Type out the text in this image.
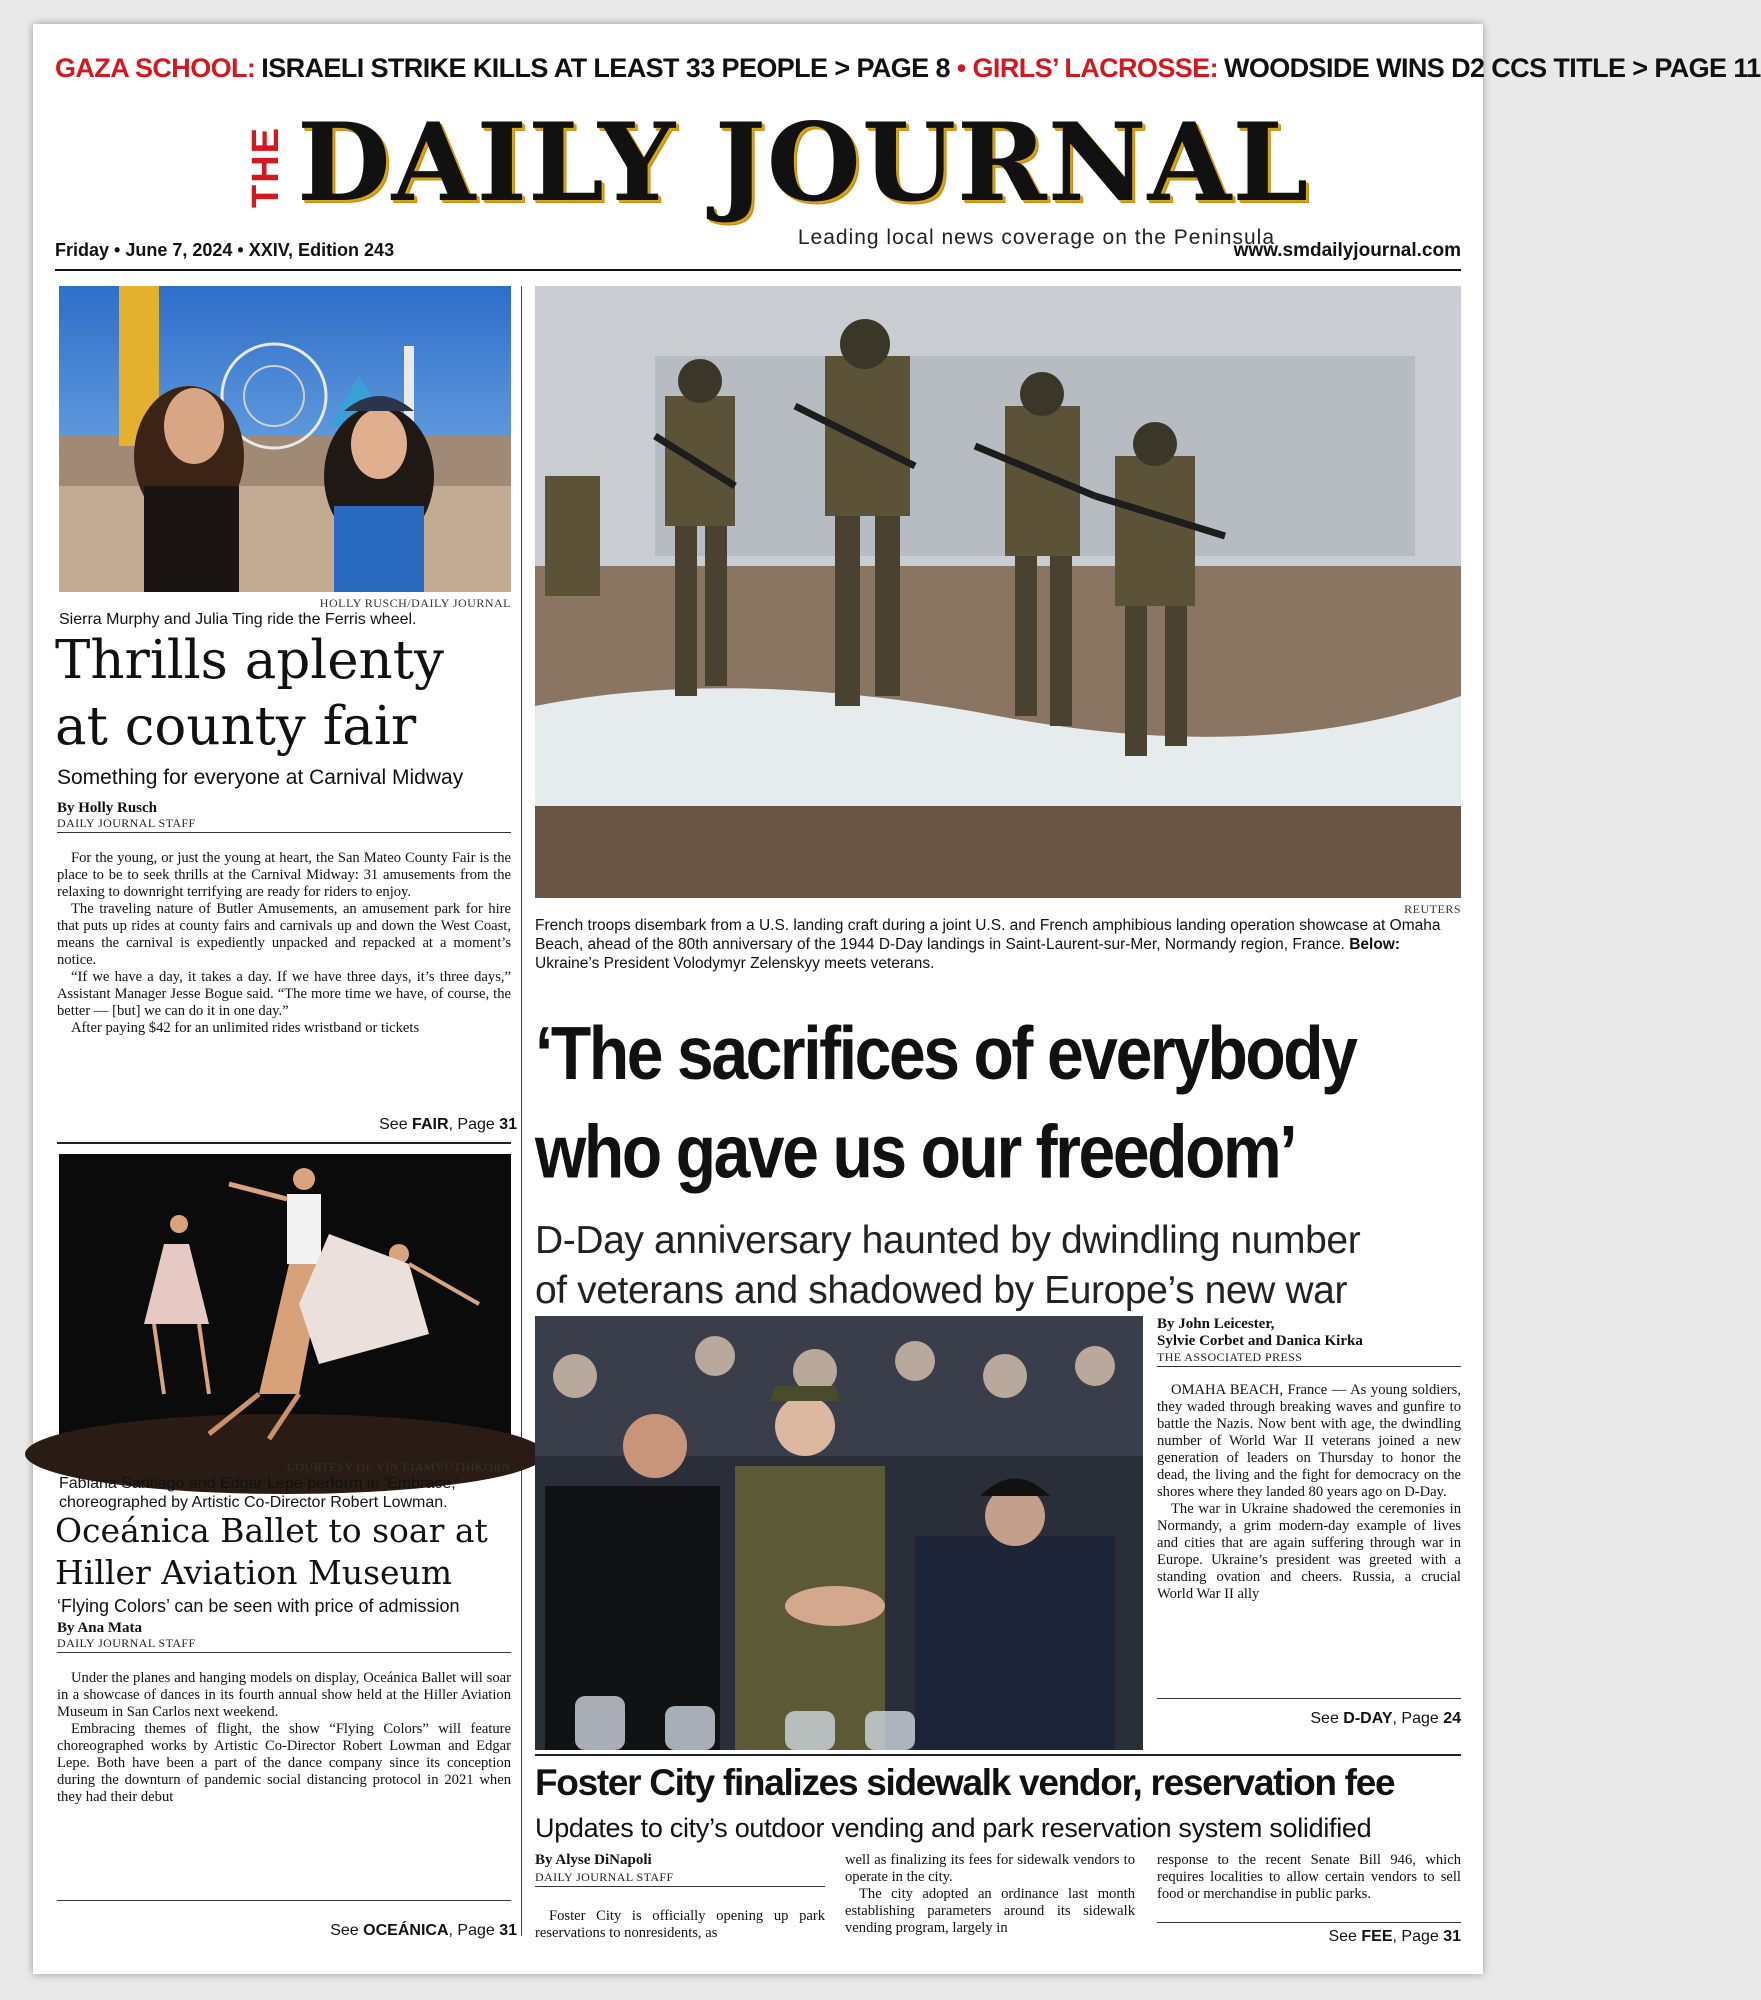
GAZA SCHOOL: ISRAELI STRIKE KILLS AT LEAST 33 PEOPLE > PAGE 8 • GIRLS’ LACROSSE: WOODSIDE WINS D2 CCS TITLE > PAGE 11
THE DAILY JOURNAL
Leading local news coverage on the Peninsula
Friday • June 7, 2024 • XXIV, Edition 243	www.smdailyjournal.com
HOLLY RUSCH/DAILY JOURNAL
Sierra Murphy and Julia Ting ride the Ferris wheel.
Thrills aplenty
at county fair
Something for everyone at Carnival Midway
By Holly Rusch
DAILY JOURNAL STAFF

For the young, or just the young at heart, the San Mateo County Fair is the place to be to seek thrills at the Carnival Midway: 31 amusements from the relaxing to downright terrifying are ready for riders to enjoy.

The traveling nature of Butler Amusements, an amusement park for hire that puts up rides at county fairs and carnivals up and down the West Coast, means the carnival is expediently unpacked and repacked at a moment’s notice.

“If we have a day, it takes a day. If we have three days, it’s three days,” Assistant Manager Jesse Bogue said. “The more time we have, of course, the better — [but] we can do it in one day.”

After paying $42 for an unlimited rides wristband or tickets

See FAIR, Page 31
COURTESY OF VIN EIAMVUTHIKORN
Fabiana Santiago and Edgar Lepe perform in ‘Embrace,’ choreographed by Artistic Co-Director Robert Lowman.
Oceánica Ballet to soar at
Hiller Aviation Museum
‘Flying Colors’ can be seen with price of admission
By Ana Mata
DAILY JOURNAL STAFF

Under the planes and hanging models on display, Oceánica Ballet will soar in a showcase of dances in its fourth annual show held at the Hiller Aviation Museum in San Carlos next weekend.

Embracing themes of flight, the show “Flying Colors” will feature choreographed works by Artistic Co-Director Robert Lowman and Edgar Lepe. Both have been a part of the dance company since its conception during the downturn of pandemic social distancing protocol in 2021 when they had their debut

See OCEÁNICA, Page 31
REUTERS
French troops disembark from a U.S. landing craft during a joint U.S. and French amphibious landing operation showcase at Omaha Beach, ahead of the 80th anniversary of the 1944 D-Day landings in Saint-Laurent-sur-Mer, Normandy region, France. Below: Ukraine’s President Volodymyr Zelenskyy meets veterans.
‘The sacrifices of everybody
who gave us our freedom’
D-Day anniversary haunted by dwindling number
of veterans and shadowed by Europe’s new war
By John Leicester,
Sylvie Corbet and Danica Kirka
THE ASSOCIATED PRESS

OMAHA BEACH, France — As young soldiers, they waded through breaking waves and gunfire to battle the Nazis. Now bent with age, the dwindling number of World War II veterans joined a new generation of leaders on Thursday to honor the dead, the living and the fight for democracy on the shores where they landed 80 years ago on D-Day.

The war in Ukraine shadowed the ceremonies in Normandy, a grim modern-day example of lives and cities that are again suffering through war in Europe. Ukraine’s president was greeted with a standing ovation and cheers. Russia, a crucial World War II ally

See D-DAY, Page 24
Foster City finalizes sidewalk vendor, reservation fee
Updates to city’s outdoor vending and park reservation system solidified
By Alyse DiNapoli
DAILY JOURNAL STAFF

Foster City is officially opening up park reservations to nonresidents, as

well as finalizing its fees for sidewalk vendors to operate in the city.

The city adopted an ordinance last month establishing parameters around its sidewalk vending program, largely in

response to the recent Senate Bill 946, which requires localities to allow certain vendors to sell food or merchandise in public parks.
See FEE, Page 31
